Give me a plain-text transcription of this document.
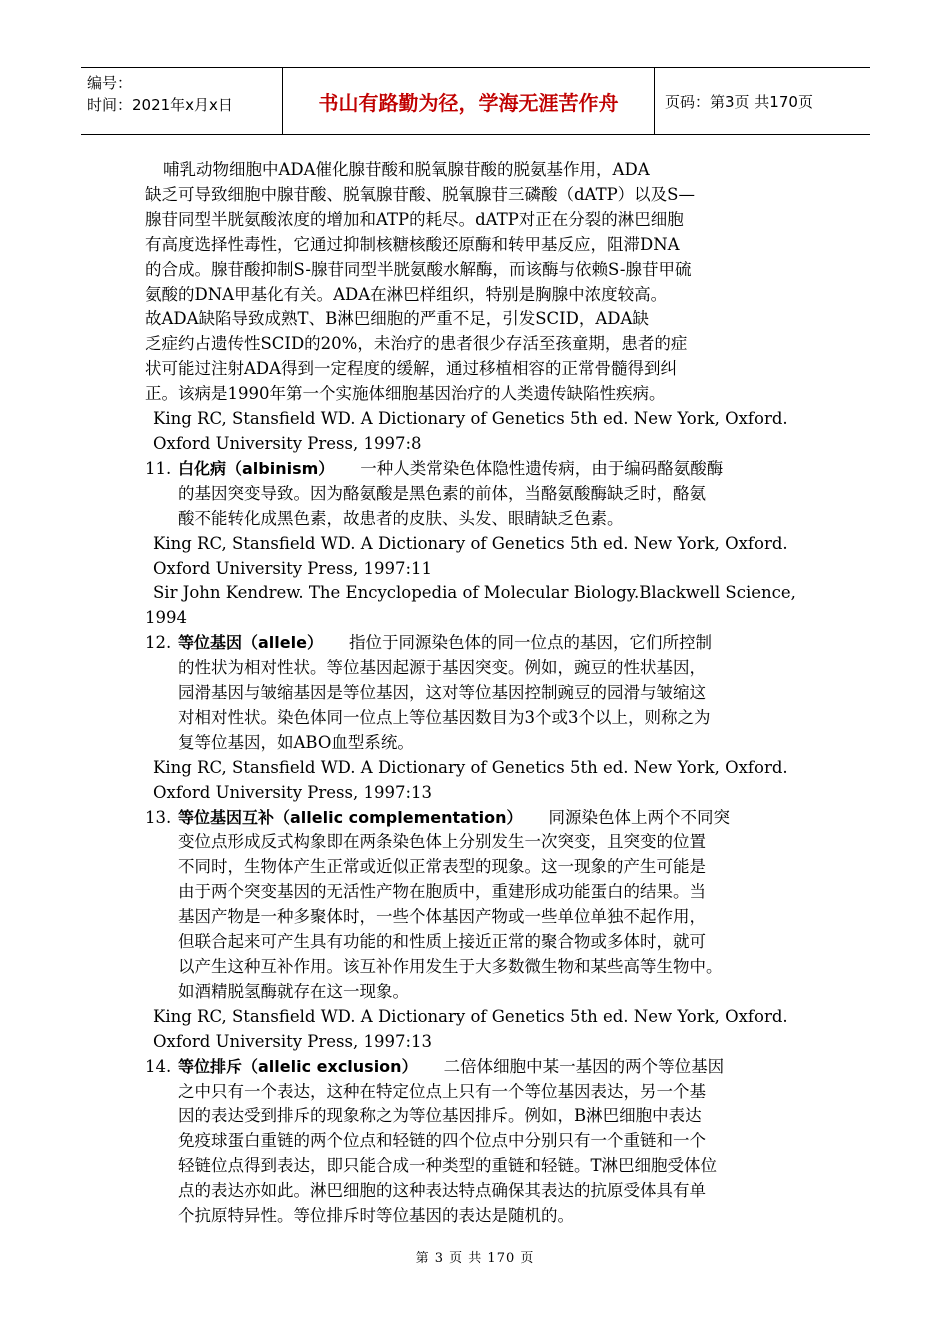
编号：
时间：2021年x月x日	书山有路勤为径，学海无涯苦作舟	页码：第3页 共170页
哺乳动物细胞中ADA催化腺苷酸和脱氧腺苷酸的脱氨基作用，ADA
缺乏可导致细胞中腺苷酸、脱氧腺苷酸、脱氧腺苷三磷酸（dATP）以及S—
腺苷同型半胱氨酸浓度的增加和ATP的耗尽。dATP对正在分裂的淋巴细胞
有高度选择性毒性，它通过抑制核糖核酸还原酶和转甲基反应，阻滞DNA
的合成。腺苷酸抑制S-腺苷同型半胱氨酸水解酶，而该酶与依赖S-腺苷甲硫
氨酸的DNA甲基化有关。ADA在淋巴样组织，特别是胸腺中浓度较高。
故ADA缺陷导致成熟T、B淋巴细胞的严重不足，引发SCID，ADA缺
乏症约占遗传性SCID的20%，未治疗的患者很少存活至孩童期，患者的症
状可能过注射ADA得到一定程度的缓解，通过移植相容的正常骨髓得到纠
正。该病是1990年第一个实施体细胞基因治疗的人类遗传缺陷性疾病。
King RC, Stansfield WD. A Dictionary of Genetics 5th ed. New York, Oxford.
Oxford University Press, 1997:8
11. 白化病（albinism） 一种人类常染色体隐性遗传病，由于编码酪氨酸酶
的基因突变导致。因为酪氨酸是黑色素的前体，当酪氨酸酶缺乏时，酪氨
酸不能转化成黑色素，故患者的皮肤、头发、眼睛缺乏色素。
King RC, Stansfield WD. A Dictionary of Genetics 5th ed. New York, Oxford.
Oxford University Press, 1997:11
Sir John Kendrew. The Encyclopedia of Molecular Biology.Blackwell Science,
1994
12. 等位基因（allele） 指位于同源染色体的同一位点的基因，它们所控制
的性状为相对性状。等位基因起源于基因突变。例如，豌豆的性状基因，
园滑基因与皱缩基因是等位基因，这对等位基因控制豌豆的园滑与皱缩这
对相对性状。染色体同一位点上等位基因数目为3个或3个以上，则称之为
复等位基因，如ABO血型系统。
King RC, Stansfield WD. A Dictionary of Genetics 5th ed. New York, Oxford.
Oxford University Press, 1997:13
13. 等位基因互补（allelic complementation） 同源染色体上两个不同突
变位点形成反式构象即在两条染色体上分别发生一次突变，且突变的位置
不同时，生物体产生正常或近似正常表型的现象。这一现象的产生可能是
由于两个突变基因的无活性产物在胞质中，重建形成功能蛋白的结果。当
基因产物是一种多聚体时，一些个体基因产物或一些单位单独不起作用，
但联合起来可产生具有功能的和性质上接近正常的聚合物或多体时，就可
以产生这种互补作用。该互补作用发生于大多数微生物和某些高等生物中。
如酒精脱氢酶就存在这一现象。
King RC, Stansfield WD. A Dictionary of Genetics 5th ed. New York, Oxford.
Oxford University Press, 1997:13
14. 等位排斥（allelic exclusion） 二倍体细胞中某一基因的两个等位基因
之中只有一个表达，这种在特定位点上只有一个等位基因表达，另一个基
因的表达受到排斥的现象称之为等位基因排斥。例如，B淋巴细胞中表达
免疫球蛋白重链的两个位点和轻链的四个位点中分别只有一个重链和一个
轻链位点得到表达，即只能合成一种类型的重链和轻链。T淋巴细胞受体位
点的表达亦如此。淋巴细胞的这种表达特点确保其表达的抗原受体具有单
个抗原特异性。等位排斥时等位基因的表达是随机的。
第 3 页 共 170 页
